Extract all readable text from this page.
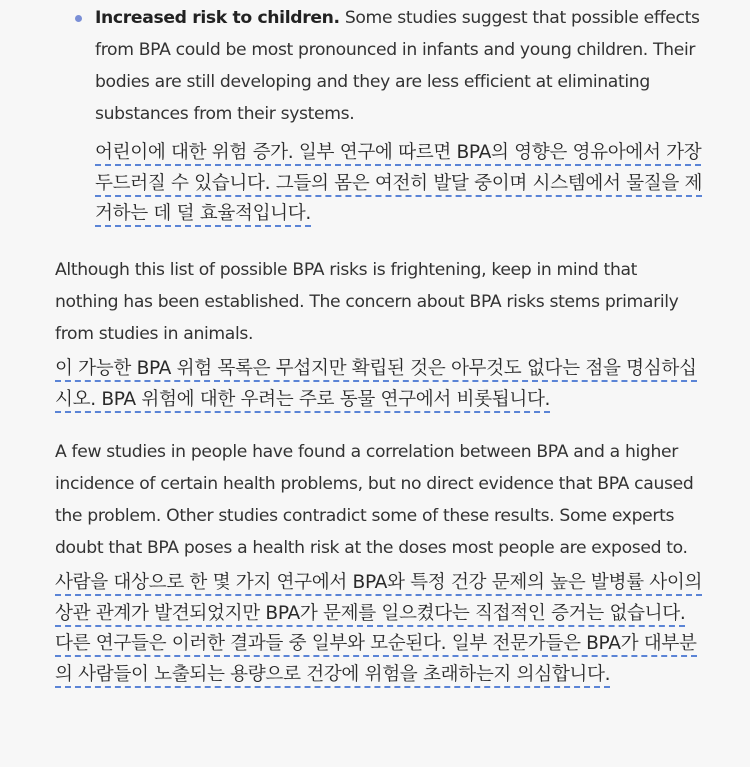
Increased risk to children. Some studies suggest that possible effects from BPA could be most pronounced in infants and young children. Their bodies are still developing and they are less efficient at eliminating substances from their systems.

어린이에 대한 위험 증가. 일부 연구에 따르면 BPA의 영향은 영유아에서 가장 두드러질 수 있습니다. 그들의 몸은 여전히 발달 중이며 시스템에서 물질을 제거하는 데 덜 효율적입니다.

Although this list of possible BPA risks is frightening, keep in mind that nothing has been established. The concern about BPA risks stems primarily from studies in animals.

이 가능한 BPA 위험 목록은 무섭지만 확립된 것은 아무것도 없다는 점을 명심하십시오. BPA 위험에 대한 우려는 주로 동물 연구에서 비롯됩니다.

A few studies in people have found a correlation between BPA and a higher incidence of certain health problems, but no direct evidence that BPA caused the problem. Other studies contradict some of these results. Some experts doubt that BPA poses a health risk at the doses most people are exposed to.

사람을 대상으로 한 몇 가지 연구에서 BPA와 특정 건강 문제의 높은 발병률 사이의 상관 관계가 발견되었지만 BPA가 문제를 일으켰다는 직접적인 증거는 없습니다. 다른 연구들은 이러한 결과들 중 일부와 모순된다. 일부 전문가들은 BPA가 대부분의 사람들이 노출되는 용량으로 건강에 위험을 초래하는지 의심합니다.
